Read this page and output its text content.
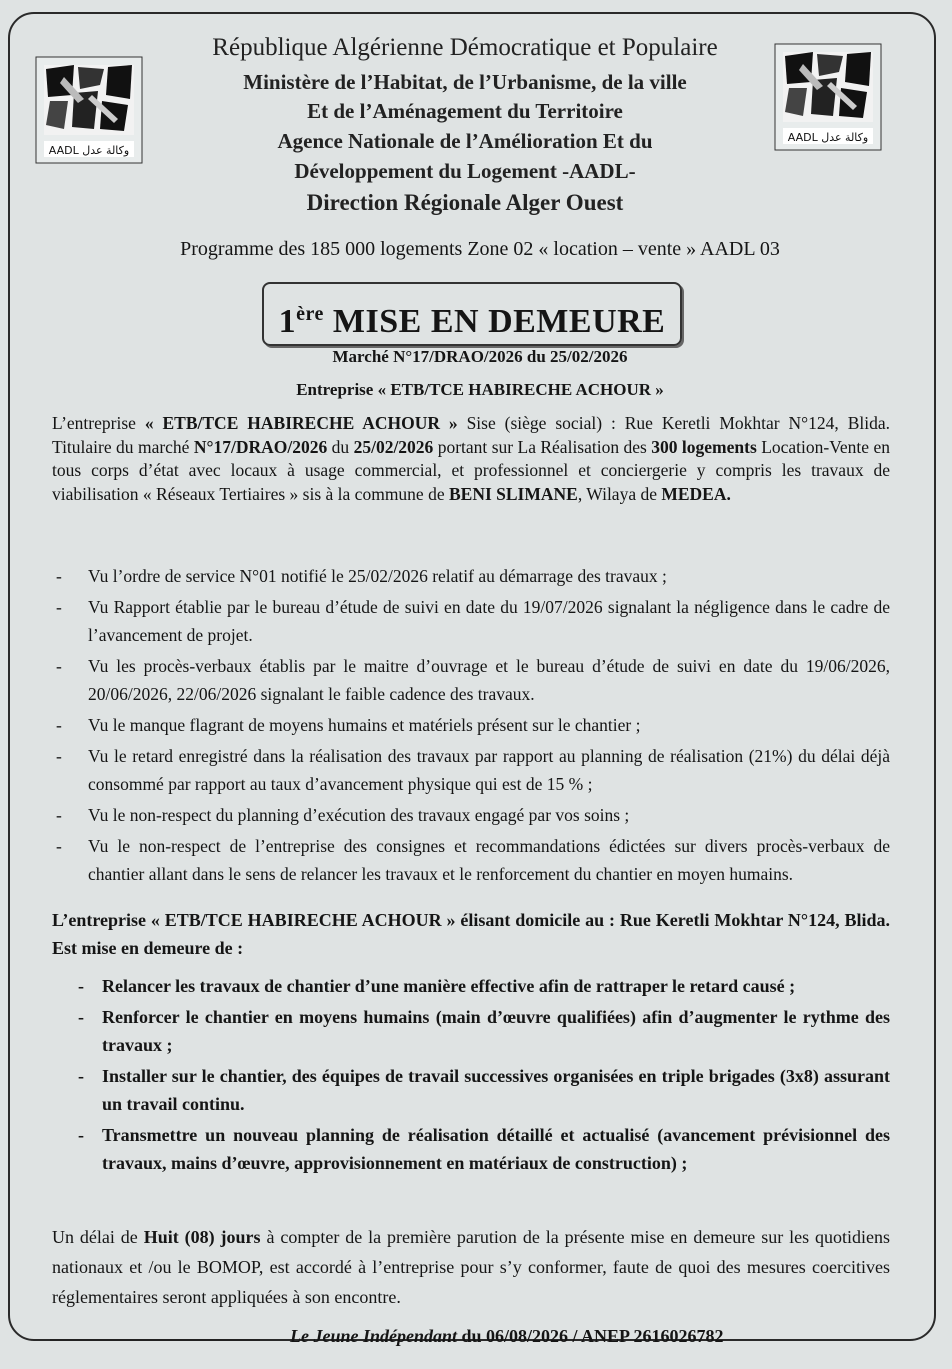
AADL وكالة عدل
AADL وكالة عدل
République Algérienne Démocratique et Populaire
Ministère de l’Habitat, de l’Urbanisme, de la ville
Et de l’Aménagement du Territoire
Agence Nationale de l’Amélioration Et du
Développement du Logement -AADL-
Direction Régionale Alger Ouest
Programme des 185 000 logements Zone 02 « location – vente » AADL 03
1ère MISE EN DEMEURE
Marché N°17/DRAO/2026 du 25/02/2026
Entreprise « ETB/TCE HABIRECHE ACHOUR »
L’entreprise « ETB/TCE HABIRECHE ACHOUR » Sise (siège social) : Rue Keretli Mokhtar N°124, Blida. Titulaire du marché N°17/DRAO/2026 du 25/02/2026 portant sur La Réalisation des 300 logements Location-Vente en tous corps d’état avec locaux à usage commercial, et professionnel et conciergerie y compris les travaux de viabilisation « Réseaux Tertiaires » sis à la commune de BENI SLIMANE, Wilaya de MEDEA.
- Vu l’ordre de service N°01 notifié le 25/02/2026 relatif au démarrage des travaux ;
- Vu Rapport établie par le bureau d’étude de suivi en date du 19/07/2026 signalant la négligence dans le cadre de l’avancement de projet.
- Vu les procès-verbaux établis par le maitre d’ouvrage et le bureau d’étude de suivi en date du 19/06/2026, 20/06/2026, 22/06/2026 signalant le faible cadence des travaux.
- Vu le manque flagrant de moyens humains et matériels présent sur le chantier ;
- Vu le retard enregistré dans la réalisation des travaux par rapport au planning de réalisation (21%) du délai déjà consommé par rapport au taux d’avancement physique qui est de 15 % ;
- Vu le non-respect du planning d’exécution des travaux engagé par vos soins ;
- Vu le non-respect de l’entreprise des consignes et recommandations édictées sur divers procès-verbaux de chantier allant dans le sens de relancer les travaux et le renforcement du chantier en moyen humains.
L’entreprise « ETB/TCE HABIRECHE ACHOUR » élisant domicile au : Rue Keretli Mokhtar N°124, Blida. Est mise en demeure de :
- Relancer les travaux de chantier d’une manière effective afin de rattraper le retard causé ;
- Renforcer le chantier en moyens humains (main d’œuvre qualifiées) afin d’augmenter le rythme des travaux ;
- Installer sur le chantier, des équipes de travail successives organisées en triple brigades (3x8) assurant un travail continu.
- Transmettre un nouveau planning de réalisation détaillé et actualisé (avancement prévisionnel des travaux, mains d’œuvre, approvisionnement en matériaux de construction) ;
Un délai de Huit (08) jours à compter de la première parution de la présente mise en demeure sur les quotidiens nationaux et /ou le BOMOP, est accordé à l’entreprise pour s’y conformer, faute de quoi des mesures coercitives réglementaires seront appliquées à son encontre.
Le Jeune Indépendant du 06/08/2026 / ANEP 2616026782
